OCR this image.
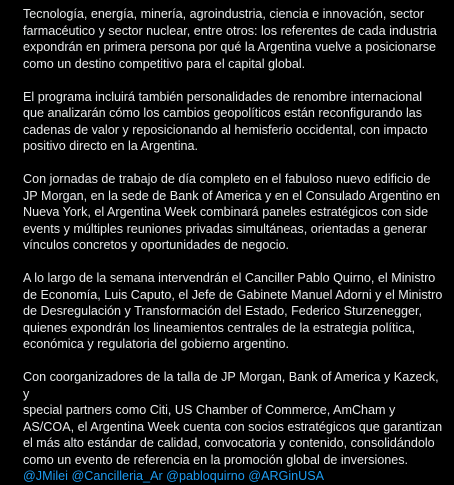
Tecnología, energía, minería, agroindustria, ciencia e innovación, sector
farmacéutico y sector nuclear, entre otros: los referentes de cada industria
expondrán en primera persona por qué la Argentina vuelve a posicionarse
como un destino competitivo para el capital global.

El programa incluirá también personalidades de renombre internacional
que analizarán cómo los cambios geopolíticos están reconfigurando las
cadenas de valor y reposicionando al hemisferio occidental, con impacto
positivo directo en la Argentina.

Con jornadas de trabajo de día completo en el fabuloso nuevo edificio de
JP Morgan, en la sede de Bank of America y en el Consulado Argentino en
Nueva York, el Argentina Week combinará paneles estratégicos con side
events y múltiples reuniones privadas simultáneas, orientadas a generar
vínculos concretos y oportunidades de negocio.

A lo largo de la semana intervendrán el Canciller Pablo Quirno, el Ministro
de Economía, Luis Caputo, el Jefe de Gabinete Manuel Adorni y el Ministro
de Desregulación y Transformación del Estado, Federico Sturzenegger,
quienes expondrán los lineamientos centrales de la estrategia política,
económica y regulatoria del gobierno argentino.

Con coorganizadores de la talla de JP Morgan, Bank of America y Kazeck, y
special partners como Citi, US Chamber of Commerce, AmCham y
AS/COA, el Argentina Week cuenta con socios estratégicos que garantizan
el más alto estándar de calidad, convocatoria y contenido, consolidándolo
como un evento de referencia en la promoción global de inversiones.

@JMilei @Cancilleria_Ar @pabloquirno @ARGinUSA
